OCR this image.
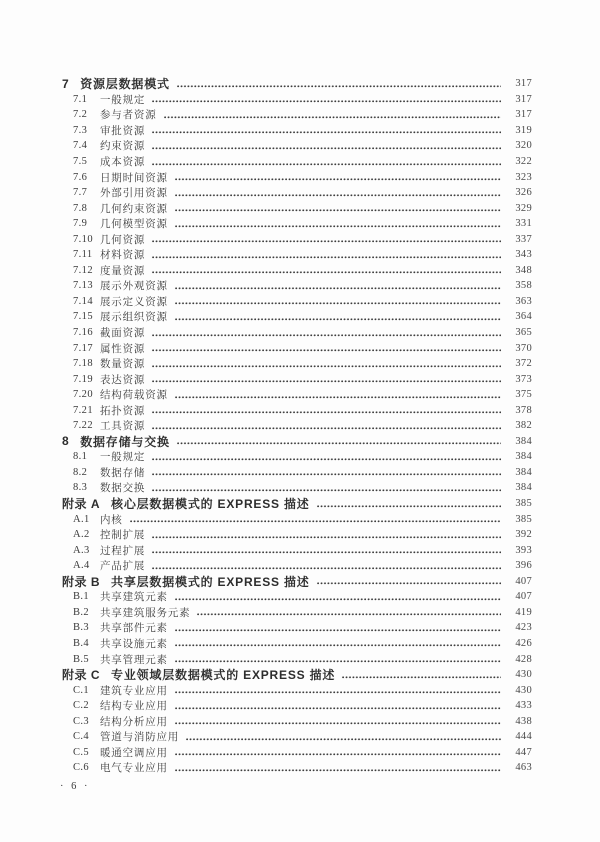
7 资源层数据模式	317
7.1	一般规定	317
7.2	参与者资源	317
7.3	审批资源	319
7.4	约束资源	320
7.5	成本资源	322
7.6	日期时间资源	323
7.7	外部引用资源	326
7.8	几何约束资源	329
7.9	几何模型资源	331
7.10 几何资源	337
7.11 材料资源	343
7.12 度量资源	348
7.13 展示外观资源	358
7.14 展示定义资源	363
7.15 展示组织资源	364
7.16 截面资源	365
7.17 属性资源	370
7.18 数量资源	372
7.19 表达资源	373
7.20 结构荷载资源	375
7.21 拓扑资源	378
7.22 工具资源	382
8 数据存储与交换	384
8.1	一般规定	384
8.2	数据存储	384
8.3	数据交换	384
附录 A 核心层数据模式的 EXPRESS 描述	385
A.1 内核	385
A.2 控制扩展	392
A.3 过程扩展	393
A.4 产品扩展	396
附录 B 共享层数据模式的 EXPRESS 描述	407
B.1	共享建筑元素	407
B.2	共享建筑服务元素	419
B.3	共享部件元素	423
B.4	共享设施元素	426
B.5	共享管理元素	428
附录 C 专业领域层数据模式的 EXPRESS 描述	430
C.1	建筑专业应用	430
C.2	结构专业应用	433
C.3	结构分析应用	438
C.4	管道与消防应用	444
C.5	暖通空调应用	447
C.6	电气专业应用	463
· 6 ·
